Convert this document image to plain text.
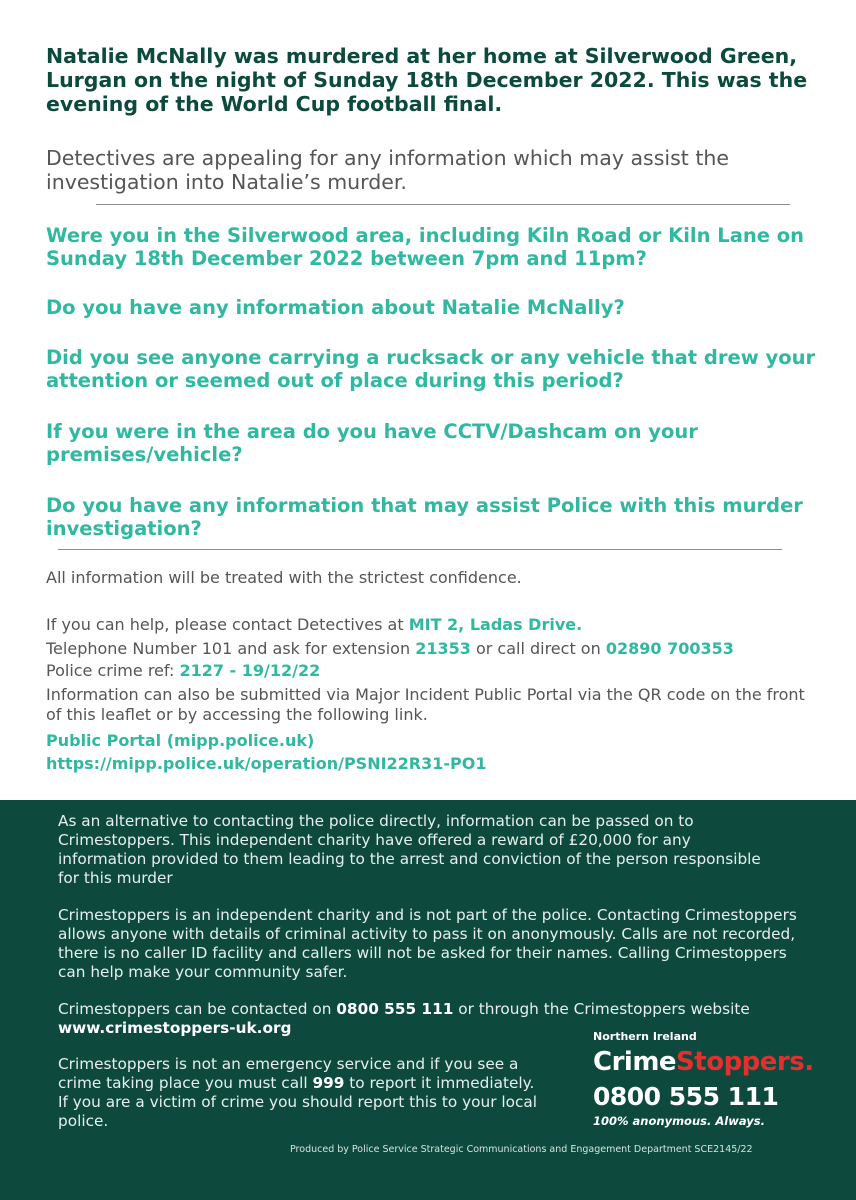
Natalie McNally was murdered at her home at Silverwood Green, Lurgan on the night of Sunday 18th December 2022. This was the evening of the World Cup football final.

Detectives are appealing for any information which may assist the investigation into Natalie’s murder.

Were you in the Silverwood area, including Kiln Road or Kiln Lane on Sunday 18th December 2022 between 7pm and 11pm?

Do you have any information about Natalie McNally?

Did you see anyone carrying a rucksack or any vehicle that drew your attention or seemed out of place during this period?

If you were in the area do you have CCTV/Dashcam on your premises/vehicle?

Do you have any information that may assist Police with this murder investigation?

All information will be treated with the strictest confidence.

If you can help, please contact Detectives at MIT 2, Ladas Drive.

Telephone Number 101 and ask for extension 21353 or call direct on 02890 700353

Police crime ref: 2127 - 19/12/22

Information can also be submitted via Major Incident Public Portal via the QR code on the front of this leaflet or by accessing the following link.

Public Portal (mipp.police.uk)

https://mipp.police.uk/operation/PSNI22R31-PO1

As an alternative to contacting the police directly, information can be passed on to Crimestoppers. This independent charity have offered a reward of £20,000 for any information provided to them leading to the arrest and conviction of the person responsible for this murder

Crimestoppers is an independent charity and is not part of the police. Contacting Crimestoppers allows anyone with details of criminal activity to pass it on anonymously. Calls are not recorded, there is no caller ID facility and callers will not be asked for their names. Calling Crimestoppers can help make your community safer.

Crimestoppers can be contacted on 0800 555 111 or through the Crimestoppers website www.crimestoppers-uk.org

Crimestoppers is not an emergency service and if you see a crime taking place you must call 999 to report it immediately. If you are a victim of crime you should report this to your local police.

Northern Ireland

CrimeStoppers.

0800 555 111

100% anonymous. Always.

Produced by Police Service Strategic Communications and Engagement Department SCE2145/22
